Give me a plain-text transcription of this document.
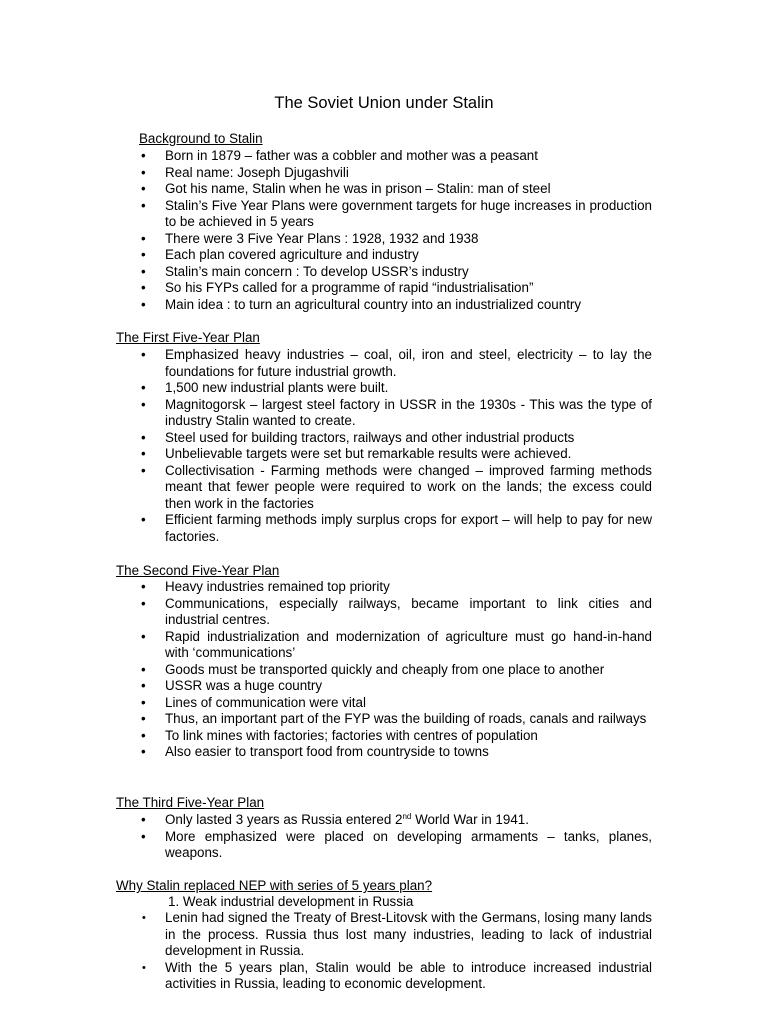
The Soviet Union under Stalin
Background to Stalin
• Born in 1879 – father was a cobbler and mother was a peasant
• Real name: Joseph Djugashvili
• Got his name, Stalin when he was in prison – Stalin: man of steel
• Stalin’s Five Year Plans were government targets for huge increases in production to be achieved in 5 years
• There were 3 Five Year Plans : 1928, 1932 and 1938
• Each plan covered agriculture and industry
• Stalin’s main concern : To develop USSR’s industry
• So his FYPs called for a programme of rapid “industrialisation”
• Main idea : to turn an agricultural country into an industrialized country
The First Five-Year Plan
• Emphasized heavy industries – coal, oil, iron and steel, electricity – to lay the foundations for future industrial growth.
• 1,500 new industrial plants were built.
• Magnitogorsk – largest steel factory in USSR in the 1930s - This was the type of industry Stalin wanted to create.
• Steel used for building tractors, railways and other industrial products
• Unbelievable targets were set but remarkable results were achieved.
• Collectivisation - Farming methods were changed – improved farming methods meant that fewer people were required to work on the lands; the excess could then work in the factories
• Efficient farming methods imply surplus crops for export – will help to pay for new factories.
The Second Five-Year Plan
• Heavy industries remained top priority
• Communications, especially railways, became important to link cities and industrial centres.
• Rapid industrialization and modernization of agriculture must go hand-in-hand with ‘communications’
• Goods must be transported quickly and cheaply from one place to another
• USSR was a huge country
• Lines of communication were vital
• Thus, an important part of the FYP was the building of roads, canals and railways
• To link mines with factories; factories with centres of population
• Also easier to transport food from countryside to towns
The Third Five-Year Plan
• Only lasted 3 years as Russia entered 2nd World War in 1941.
• More emphasized were placed on developing armaments – tanks, planes, weapons.
Why Stalin replaced NEP with series of 5 years plan?
1. Weak industrial development in Russia
• Lenin had signed the Treaty of Brest-Litovsk with the Germans, losing many lands in the process. Russia thus lost many industries, leading to lack of industrial development in Russia.
• With the 5 years plan, Stalin would be able to introduce increased industrial activities in Russia, leading to economic development.
